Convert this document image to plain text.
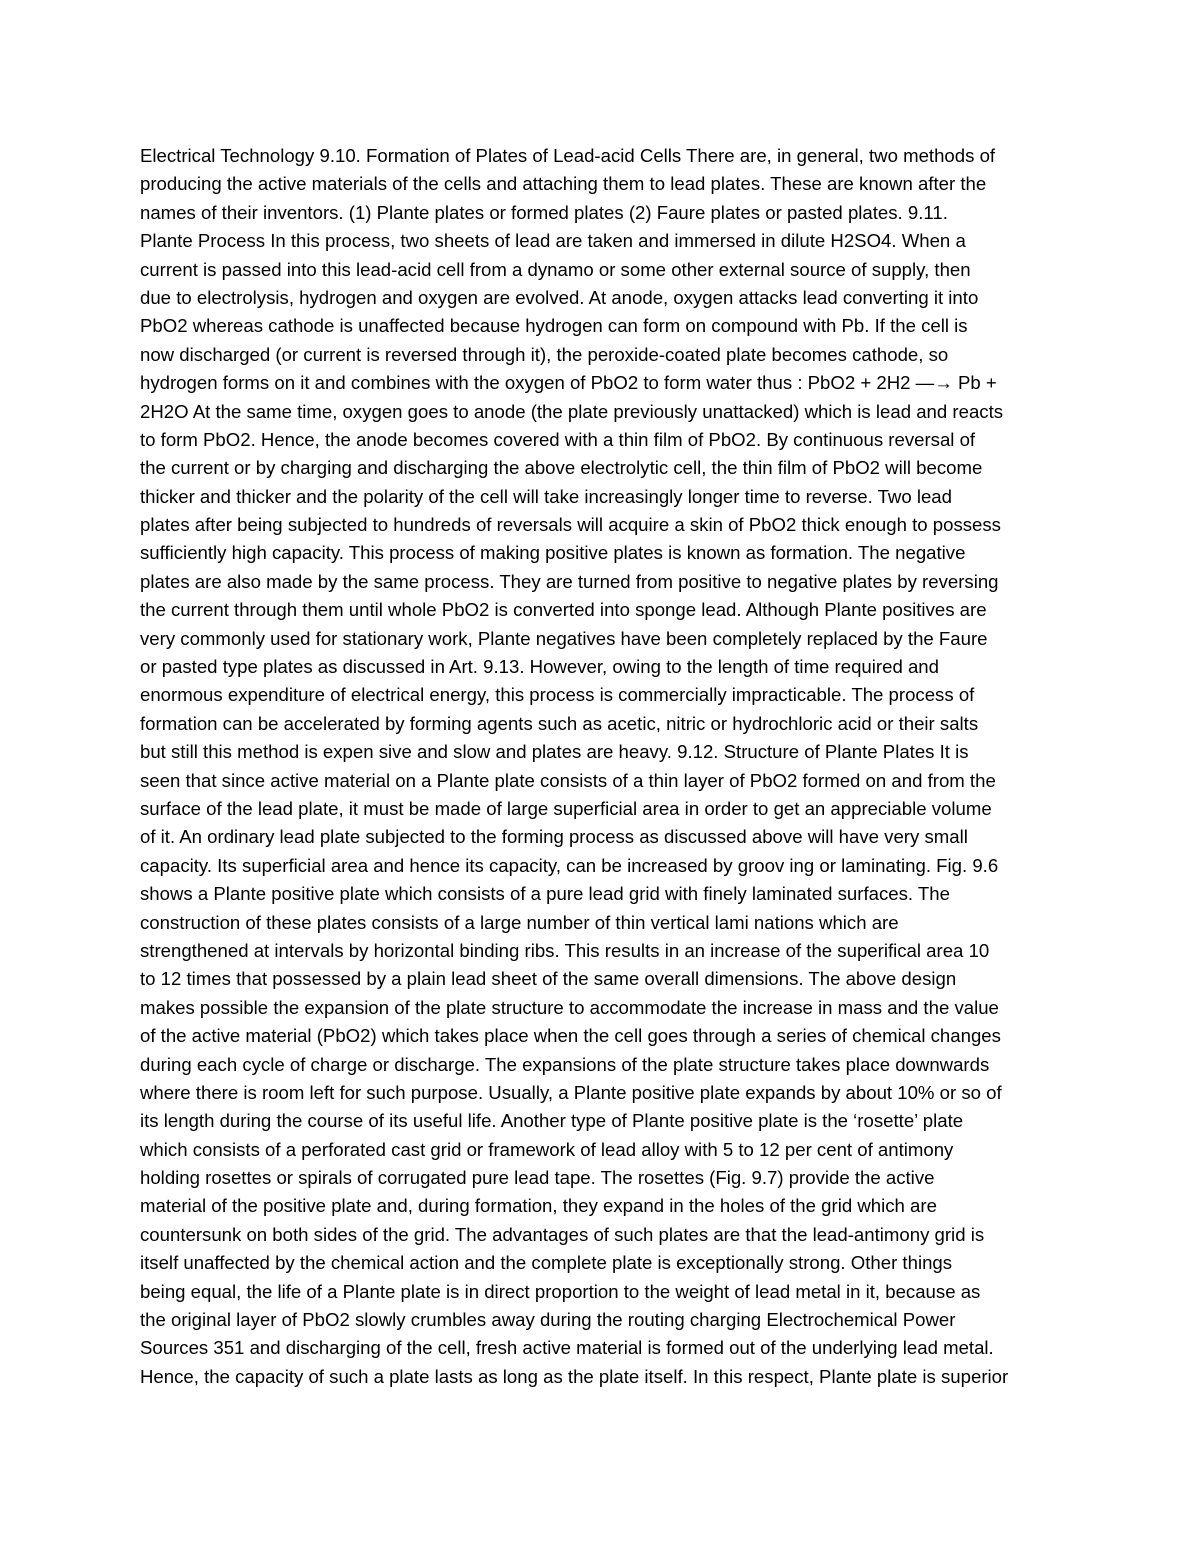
Electrical Technology 9.10. Formation of Plates of Lead-acid Cells There are, in general, two methods of
producing the active materials of the cells and attaching them to lead plates. These are known after the
names of their inventors. (1) Plante plates or formed plates (2) Faure plates or pasted plates. 9.11.
Plante Process In this process, two sheets of lead are taken and immersed in dilute H2SO4. When a
current is passed into this lead-acid cell from a dynamo or some other external source of supply, then
due to electrolysis, hydrogen and oxygen are evolved. At anode, oxygen attacks lead converting it into
PbO2 whereas cathode is unaffected because hydrogen can form on compound with Pb. If the cell is
now discharged (or current is reversed through it), the peroxide-coated plate becomes cathode, so
hydrogen forms on it and combines with the oxygen of PbO2 to form water thus : PbO2 + 2H2 —→ Pb +
2H2O At the same time, oxygen goes to anode (the plate previously unattacked) which is lead and reacts
to form PbO2. Hence, the anode becomes covered with a thin film of PbO2. By continuous reversal of
the current or by charging and discharging the above electrolytic cell, the thin film of PbO2 will become
thicker and thicker and the polarity of the cell will take increasingly longer time to reverse. Two lead
plates after being subjected to hundreds of reversals will acquire a skin of PbO2 thick enough to possess
sufficiently high capacity. This process of making positive plates is known as formation. The negative
plates are also made by the same process. They are turned from positive to negative plates by reversing
the current through them until whole PbO2 is converted into sponge lead. Although Plante positives are
very commonly used for stationary work, Plante negatives have been completely replaced by the Faure
or pasted type plates as discussed in Art. 9.13. However, owing to the length of time required and
enormous expenditure of electrical energy, this process is commercially impracticable. The process of
formation can be accelerated by forming agents such as acetic, nitric or hydrochloric acid or their salts
but still this method is expen sive and slow and plates are heavy. 9.12. Structure of Plante Plates It is
seen that since active material on a Plante plate consists of a thin layer of PbO2 formed on and from the
surface of the lead plate, it must be made of large superficial area in order to get an appreciable volume
of it. An ordinary lead plate subjected to the forming process as discussed above will have very small
capacity. Its superficial area and hence its capacity, can be increased by groov ing or laminating. Fig. 9.6
shows a Plante positive plate which consists of a pure lead grid with finely laminated surfaces. The
construction of these plates consists of a large number of thin vertical lami nations which are
strengthened at intervals by horizontal binding ribs. This results in an increase of the superifical area 10
to 12 times that possessed by a plain lead sheet of the same overall dimensions. The above design
makes possible the expansion of the plate structure to accommodate the increase in mass and the value
of the active material (PbO2) which takes place when the cell goes through a series of chemical changes
during each cycle of charge or discharge. The expansions of the plate structure takes place downwards
where there is room left for such purpose. Usually, a Plante positive plate expands by about 10% or so of
its length during the course of its useful life. Another type of Plante positive plate is the ‘rosette’ plate
which consists of a perforated cast grid or framework of lead alloy with 5 to 12 per cent of antimony
holding rosettes or spirals of corrugated pure lead tape. The rosettes (Fig. 9.7) provide the active
material of the positive plate and, during formation, they expand in the holes of the grid which are
countersunk on both sides of the grid. The advantages of such plates are that the lead-antimony grid is
itself unaffected by the chemical action and the complete plate is exceptionally strong. Other things
being equal, the life of a Plante plate is in direct proportion to the weight of lead metal in it, because as
the original layer of PbO2 slowly crumbles away during the routing charging Electrochemical Power
Sources 351 and discharging of the cell, fresh active material is formed out of the underlying lead metal.
Hence, the capacity of such a plate lasts as long as the plate itself. In this respect, Plante plate is superior
